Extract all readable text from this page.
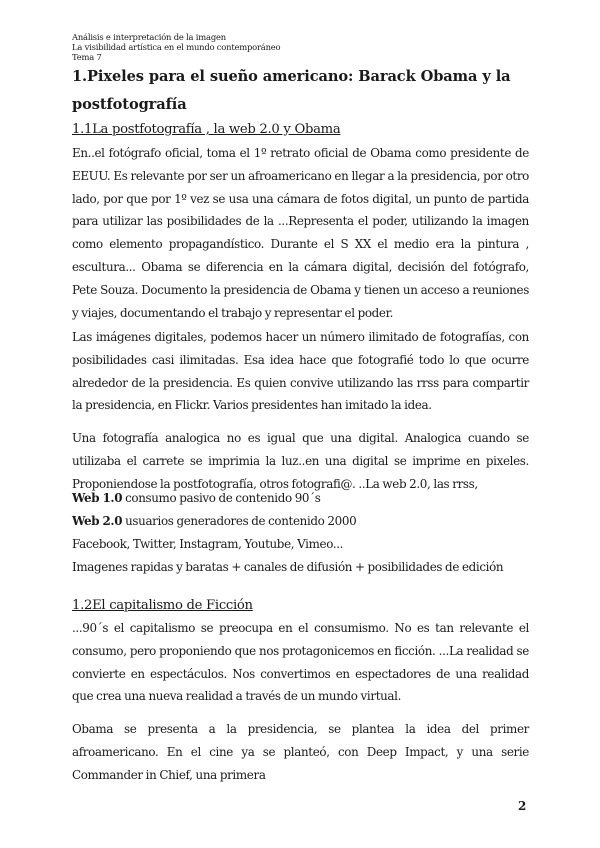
Análisis e interpretación de la imagen
La visibilidad artística en el mundo contemporáneo
Tema 7
1.Pixeles para el sueño americano: Barack Obama y la
postfotografía
1.1La postfotografía , la web 2.0 y Obama

En..el fotógrafo oficial, toma el 1º retrato oficial de Obama como presidente de EEUU. Es relevante por ser un afroamericano en llegar a la presidencia, por otro lado, por que por 1º vez se usa una cámara de fotos digital, un punto de partida para utilizar las posibilidades de la ...Representa el poder, utilizando la imagen como elemento propagandístico. Durante el S XX el medio era la pintura , escultura... Obama se diferencia en la cámara digital, decisión del fotógrafo, Pete Souza. Documento la presidencia de Obama y tienen un acceso a reuniones y viajes, documentando el trabajo y representar el poder.

Las imágenes digitales, podemos hacer un número ilimitado de fotografías, con posibilidades casi ilimitadas. Esa idea hace que fotografié todo lo que ocurre alrededor de la presidencia. Es quien convive utilizando las rrss para compartir la presidencia, en Flickr. Varios presidentes han imitado la idea.

Una fotografía analogica no es igual que una digital. Analogica cuando se utilizaba el carrete se imprimia la luz..en una digital se imprime en pixeles. Proponiendose la postfotografía, otros fotografi@. ..La web 2.0, las rrss,

Web 1.0 consumo pasivo de contenido 90´s
Web 2.0 usuarios generadores de contenido 2000
Facebook, Twitter, Instagram, Youtube, Vimeo...
Imagenes rapidas y baratas + canales de difusión + posibilidades de edición
1.2El capitalismo de Ficción

...90´s el capitalismo se preocupa en el consumismo. No es tan relevante el consumo, pero proponiendo que nos protagonicemos en ficción. ...La realidad se convierte en espectáculos. Nos convertimos en espectadores de una realidad que crea una nueva realidad a través de un mundo virtual.

Obama se presenta a la presidencia, se plantea la idea del primer afroamericano. En el cine ya se planteó, con Deep Impact, y una serie Commander in Chief, una primera

2
